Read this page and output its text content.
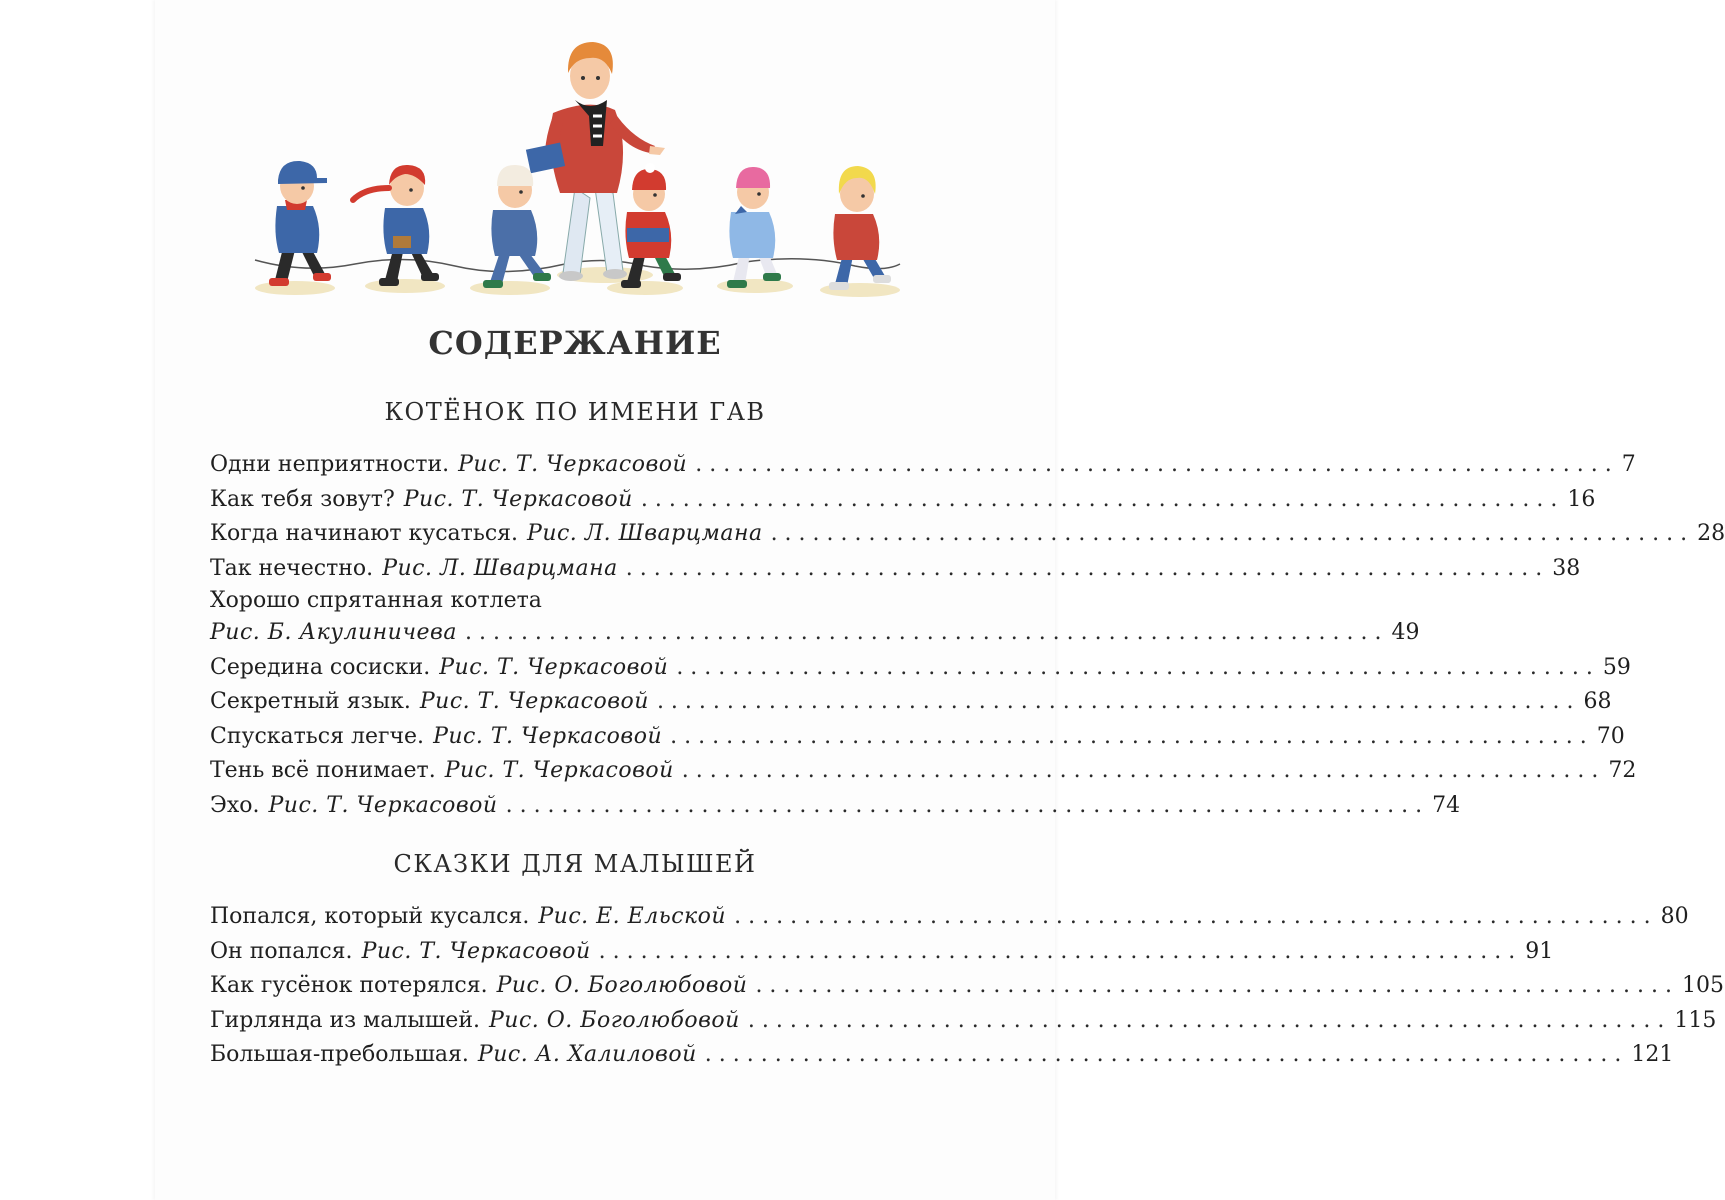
СОДЕРЖАНИЕ
КОТЁНОК ПО ИМЕНИ ГАВ
Одни неприятности. Рис. Т. Черкасовой .................................................................. 7
Как тебя зовут? Рис. Т. Черкасовой .................................................................. 16
Когда начинают кусаться. Рис. Л. Шварцмана .................................................................. 28
Так нечестно. Рис. Л. Шварцмана .................................................................. 38
Хорошо спрятанная котлета
Рис. Б. Акулиничева .................................................................. 49
Середина сосиски. Рис. Т. Черкасовой .................................................................. 59
Секретный язык. Рис. Т. Черкасовой .................................................................. 68
Спускаться легче. Рис. Т. Черкасовой .................................................................. 70
Тень всё понимает. Рис. Т. Черкасовой .................................................................. 72
Эхо. Рис. Т. Черкасовой .................................................................. 74
СКАЗКИ ДЛЯ МАЛЫШЕЙ
Попался, который кусался. Рис. Е. Ельской .................................................................. 80
Он попался. Рис. Т. Черкасовой .................................................................. 91
Как гусёнок потерялся. Рис. О. Боголюбовой .................................................................. 105
Гирлянда из малышей. Рис. О. Боголюбовой .................................................................. 115
Большая-пребольшая. Рис. А. Халиловой .................................................................. 121
